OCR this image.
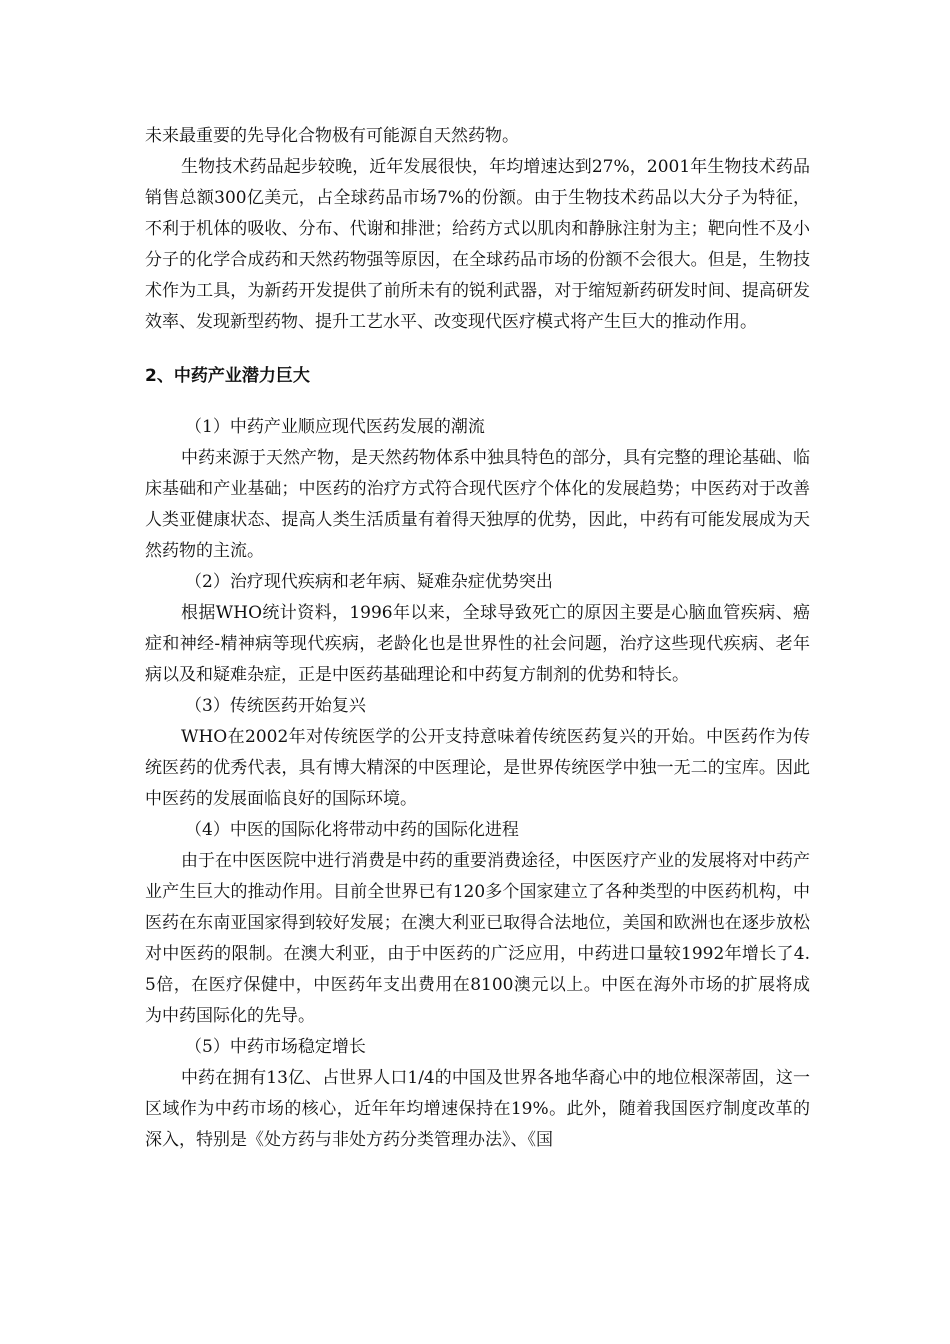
未来最重要的先导化合物极有可能源自天然药物。

生物技术药品起步较晚，近年发展很快，年均增速达到27%，2001年生物技术药品销售总额300亿美元，占全球药品市场7%的份额。由于生物技术药品以大分子为特征，不利于机体的吸收、分布、代谢和排泄；给药方式以肌肉和静脉注射为主；靶向性不及小分子的化学合成药和天然药物强等原因，在全球药品市场的份额不会很大。但是，生物技术作为工具，为新药开发提供了前所未有的锐利武器，对于缩短新药研发时间、提高研发效率、发现新型药物、提升工艺水平、改变现代医疗模式将产生巨大的推动作用。

2、中药产业潜力巨大

（1）中药产业顺应现代医药发展的潮流

中药来源于天然产物，是天然药物体系中独具特色的部分，具有完整的理论基础、临床基础和产业基础；中医药的治疗方式符合现代医疗个体化的发展趋势；中医药对于改善人类亚健康状态、提高人类生活质量有着得天独厚的优势，因此，中药有可能发展成为天然药物的主流。

（2）治疗现代疾病和老年病、疑难杂症优势突出

根据WHO统计资料，1996年以来，全球导致死亡的原因主要是心脑血管疾病、癌症和神经-精神病等现代疾病，老龄化也是世界性的社会问题，治疗这些现代疾病、老年病以及和疑难杂症，正是中医药基础理论和中药复方制剂的优势和特长。

（3）传统医药开始复兴

WHO在2002年对传统医学的公开支持意味着传统医药复兴的开始。中医药作为传统医药的优秀代表，具有博大精深的中医理论，是世界传统医学中独一无二的宝库。因此中医药的发展面临良好的国际环境。

（4）中医的国际化将带动中药的国际化进程

由于在中医医院中进行消费是中药的重要消费途径，中医医疗产业的发展将对中药产业产生巨大的推动作用。目前全世界已有120多个国家建立了各种类型的中医药机构，中医药在东南亚国家得到较好发展；在澳大利亚已取得合法地位，美国和欧洲也在逐步放松对中医药的限制。在澳大利亚，由于中医药的广泛应用，中药进口量较1992年增长了4.5倍，在医疗保健中，中医药年支出费用在8100澳元以上。中医在海外市场的扩展将成为中药国际化的先导。

（5）中药市场稳定增长

中药在拥有13亿、占世界人口1/4的中国及世界各地华裔心中的地位根深蒂固，这一区域作为中药市场的核心，近年年均增速保持在19%。此外，随着我国医疗制度改革的深入，特别是《处方药与非处方药分类管理办法》、《国
